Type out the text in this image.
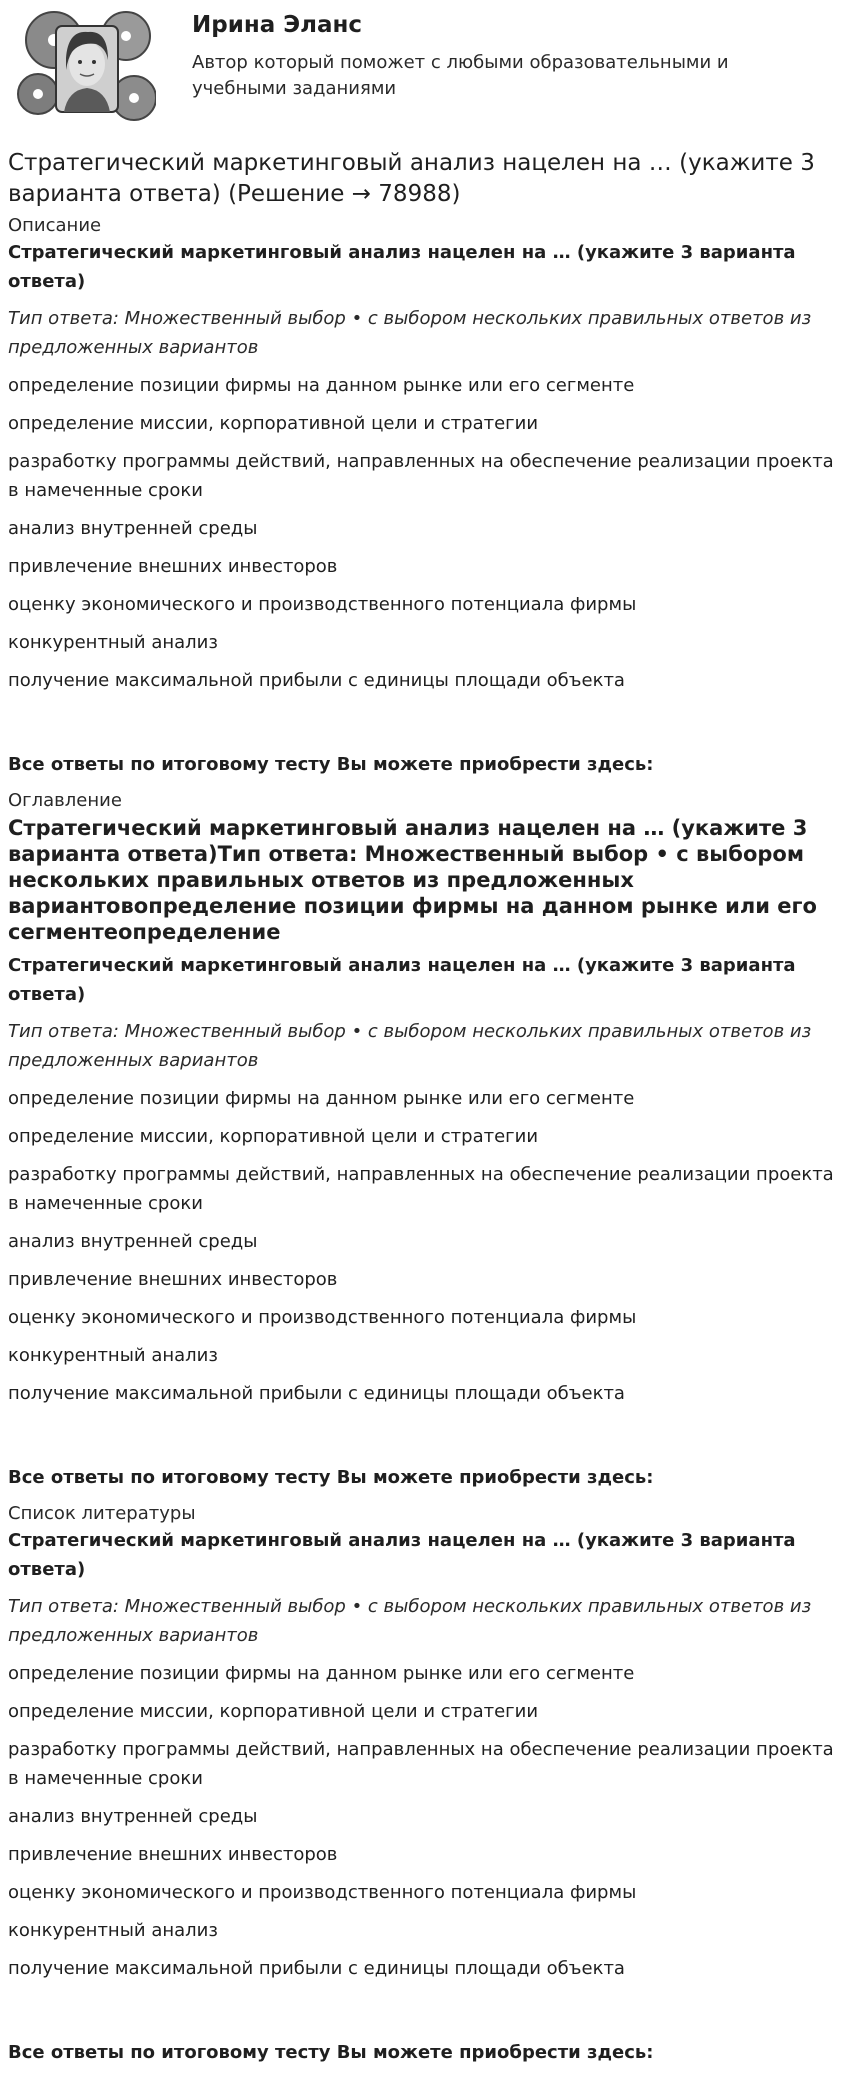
Ирина Эланс
Автор который поможет с любыми образовательными и учебными заданиями
Стратегический маркетинговый анализ нацелен на … (укажите 3 варианта ответа) (Решение → 78988)
Описание
Стратегический маркетинговый анализ нацелен на … (укажите 3 варианта ответа)
Тип ответа: Множественный выбор • с выбором нескольких правильных ответов из предложенных вариантов
определение позиции фирмы на данном рынке или его сегменте
определение миссии, корпоративной цели и стратегии
разработку программы действий, направленных на обеспечение реализации проекта в намеченные сроки
анализ внутренней среды
привлечение внешних инвесторов
оценку экономического и производственного потенциала фирмы
конкурентный анализ
получение максимальной прибыли с единицы площади объекта
Все ответы по итоговому тесту Вы можете приобрести здесь:
Оглавление
Стратегический маркетинговый анализ нацелен на … (укажите 3 варианта ответа)Тип ответа: Множественный выбор • с выбором нескольких правильных ответов из предложенных вариантовопределение позиции фирмы на данном рынке или его сегментеопределение
Стратегический маркетинговый анализ нацелен на … (укажите 3 варианта ответа)
Тип ответа: Множественный выбор • с выбором нескольких правильных ответов из предложенных вариантов
определение позиции фирмы на данном рынке или его сегменте
определение миссии, корпоративной цели и стратегии
разработку программы действий, направленных на обеспечение реализации проекта в намеченные сроки
анализ внутренней среды
привлечение внешних инвесторов
оценку экономического и производственного потенциала фирмы
конкурентный анализ
получение максимальной прибыли с единицы площади объекта
Все ответы по итоговому тесту Вы можете приобрести здесь:
Список литературы
Стратегический маркетинговый анализ нацелен на … (укажите 3 варианта ответа)
Тип ответа: Множественный выбор • с выбором нескольких правильных ответов из предложенных вариантов
определение позиции фирмы на данном рынке или его сегменте
определение миссии, корпоративной цели и стратегии
разработку программы действий, направленных на обеспечение реализации проекта в намеченные сроки
анализ внутренней среды
привлечение внешних инвесторов
оценку экономического и производственного потенциала фирмы
конкурентный анализ
получение максимальной прибыли с единицы площади объекта
Все ответы по итоговому тесту Вы можете приобрести здесь:
